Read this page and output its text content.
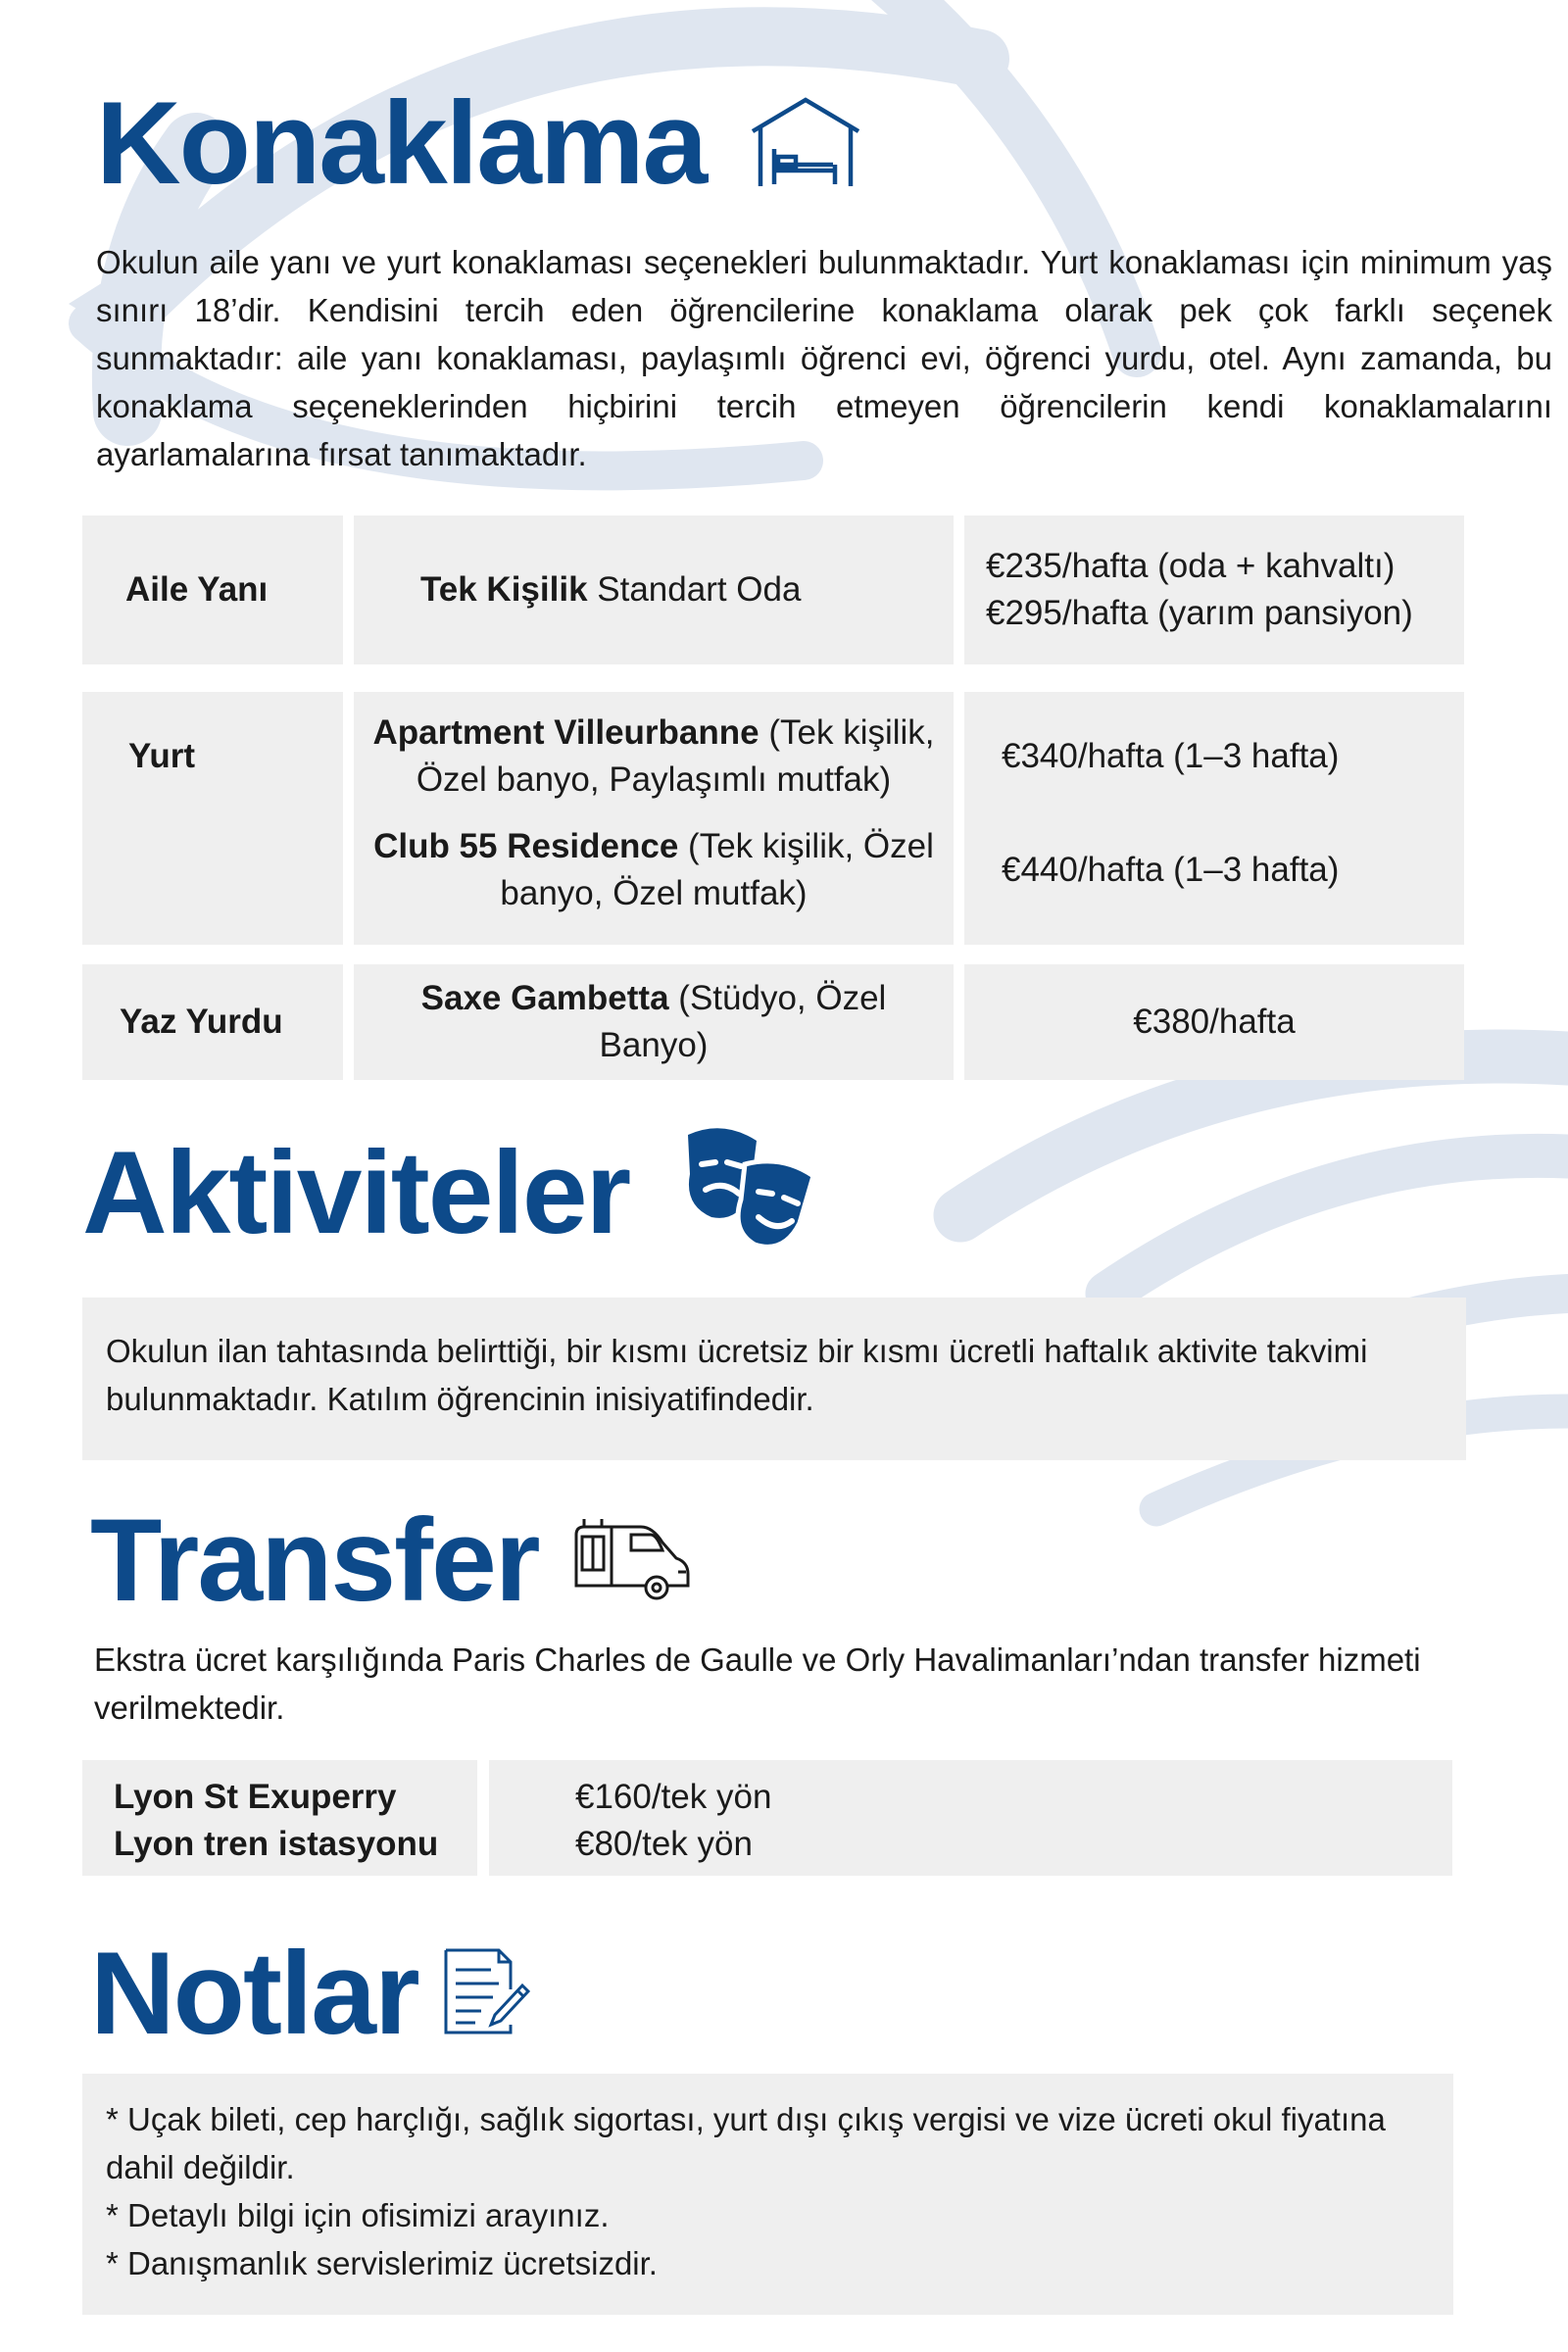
Konaklama

Okulun aile yanı ve yurt konaklaması seçenekleri bulunmaktadır. Yurt konaklaması için minimum yaş sınırı 18’dir. Kendisini tercih eden öğrencilerine konaklama olarak pek çok farklı seçenek sunmaktadır: aile yanı konaklaması, paylaşımlı öğrenci evi, öğrenci yurdu, otel. Aynı zamanda, bu konaklama seçeneklerinden hiçbirini tercih etmeyen öğrencilerin kendi konaklamalarını ayarlamalarına fırsat tanımaktadır.

Aile Yanı	Tek Kişilik Standart Oda
€235/hafta (oda + kahvaltı)
€295/hafta (yarım pansiyon)
Yurt
Apartment Villeurbanne (Tek kişilik, Özel banyo, Paylaşımlı mutfak)
Club 55 Residence (Tek kişilik, Özel banyo, Özel mutfak)
€340/hafta (1–3 hafta)
€440/hafta (1–3 hafta)
Yaz Yurdu
Saxe Gambetta (Stüdyo, Özel Banyo)
€380/hafta
Aktiviteler

Okulun ilan tahtasında belirttiği, bir kısmı ücretsiz bir kısmı ücretli haftalık aktivite takvimi bulunmaktadır. Katılım öğrencinin inisiyatifindedir.

Transfer

Ekstra ücret karşılığında Paris Charles de Gaulle ve Orly Havalimanları’ndan transfer hizmeti verilmektedir.

Lyon St Exuperry
Lyon tren istasyonu
€160/tek yön
€80/tek yön
Notlar

* Uçak bileti, cep harçlığı, sağlık sigortası, yurt dışı çıkış vergisi ve vize ücreti okul fiyatına dahil değildir.

* Detaylı bilgi için ofisimizi arayınız.

* Danışmanlık servislerimiz ücretsizdir.
